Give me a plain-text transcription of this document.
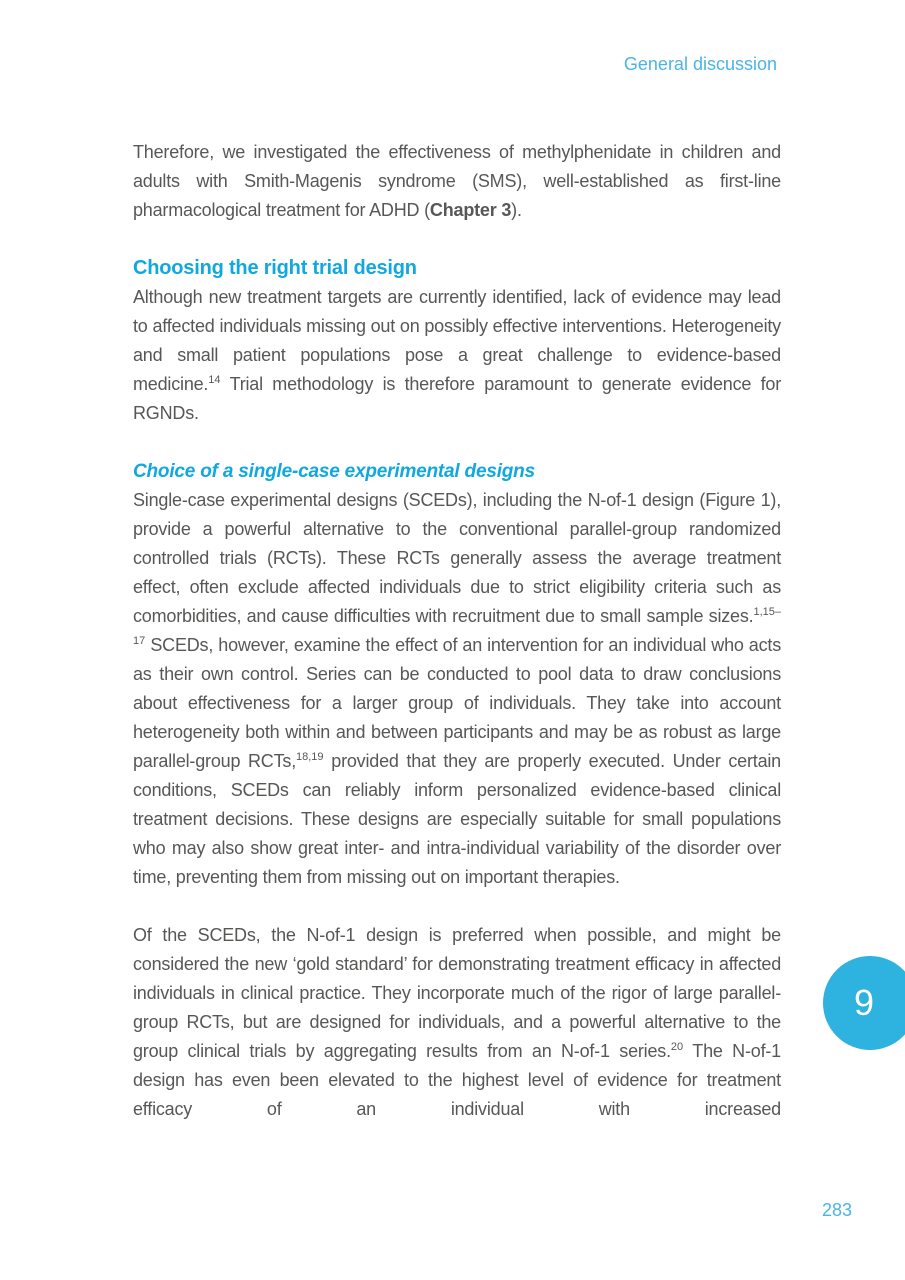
General discussion

Therefore, we investigated the effectiveness of methylphenidate in children and adults with Smith-Magenis syndrome (SMS), well-established as first-line pharmacological treatment for ADHD (Chapter 3).

Choosing the right trial design

Although new treatment targets are currently identified, lack of evidence may lead to affected individuals missing out on possibly effective interventions. Heterogeneity and small patient populations pose a great challenge to evidence-based medicine.$^{14}$ Trial methodology is therefore paramount to generate evidence for RGNDs.

Choice of a single-case experimental designs

Single-case experimental designs (SCEDs), including the N-of-1 design (Figure 1), provide a powerful alternative to the conventional parallel-group randomized controlled trials (RCTs). These RCTs generally assess the average treatment effect, often exclude affected individuals due to strict eligibility criteria such as comorbidities, and cause difficulties with recruitment due to small sample sizes.$^{1,15-17}$ SCEDs, however, examine the effect of an intervention for an individual who acts as their own control. Series can be conducted to pool data to draw conclusions about effectiveness for a larger group of individuals. They take into account heterogeneity both within and between participants and may be as robust as large parallel-group RCTs,$^{18,19}$ provided that they are properly executed. Under certain conditions, SCEDs can reliably inform personalized evidence-based clinical treatment decisions. These designs are especially suitable for small populations who may also show great inter- and intra-individual variability of the disorder over time, preventing them from missing out on important therapies.

Of the SCEDs, the N-of-1 design is preferred when possible, and might be considered the new ‘gold standard’ for demonstrating treatment efficacy in affected individuals in clinical practice. They incorporate much of the rigor of large parallel-group RCTs, but are designed for individuals, and a powerful alternative to the group clinical trials by aggregating results from an N-of-1 series.$^{20}$ The N-of-1 design has even been elevated to the highest level of evidence for treatment efficacy of an individual with increased

9
283
